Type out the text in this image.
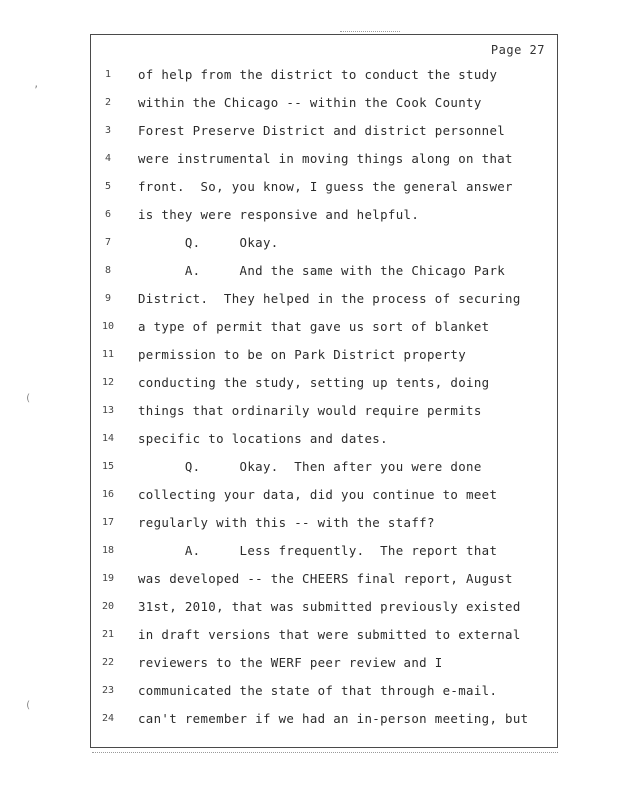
Page 27
1	of help from the district to conduct the study
2	within the Chicago -- within the Cook County
3	Forest Preserve District and district personnel
4	were instrumental in moving things along on that
5	front.  So, you know, I guess the general answer
6	is they were responsive and helpful.
7	Q.     Okay.
8	A.     And the same with the Chicago Park
9	District.  They helped in the process of securing
10	a type of permit that gave us sort of blanket
11	permission to be on Park District property
12	conducting the study, setting up tents, doing
13	things that ordinarily would require permits
14	specific to locations and dates.
15	Q.     Okay.  Then after you were done
16	collecting your data, did you continue to meet
17	regularly with this -- with the staff?
18	A.     Less frequently.  The report that
19	was developed -- the CHEERS final report, August
20	31st, 2010, that was submitted previously existed
21	in draft versions that were submitted to external
22	reviewers to the WERF peer review and I
23	communicated the state of that through e-mail.
24	can't remember if we had an in-person meeting, but
’
(
(
